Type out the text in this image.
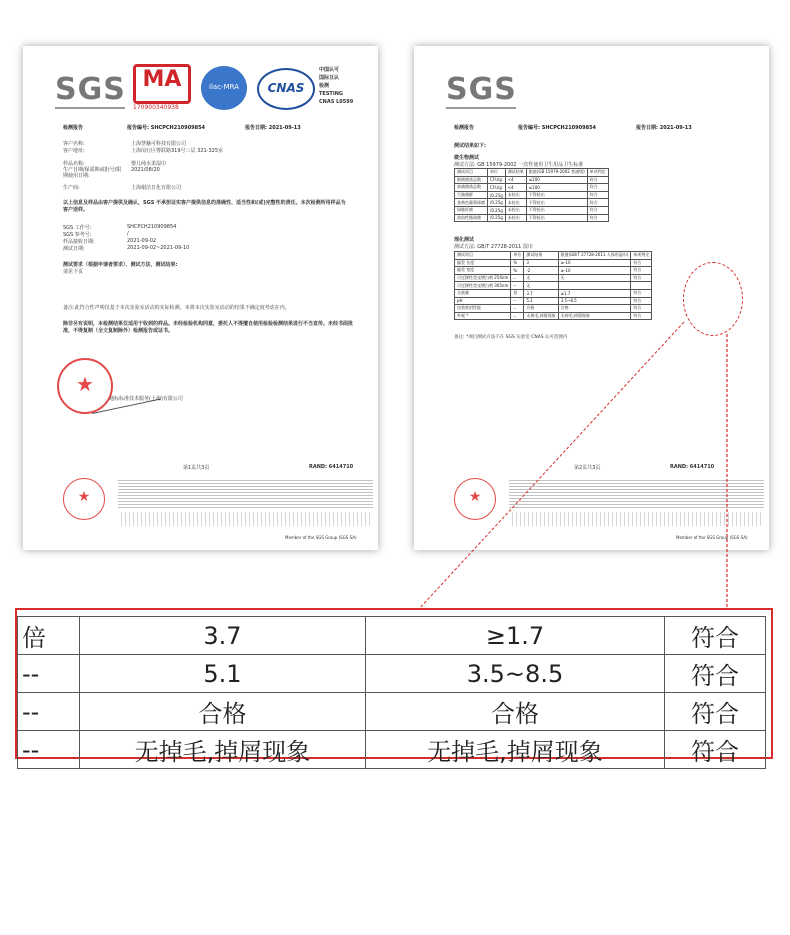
SGS MA
170900340938
ilac-MRA	CNAS
中国认可
国际互认
检测
TESTING
CNAS L0599
检测报告	报告编号: SHCPCH210909854	报告日期: 2021-09-13
客户名称:	上海慧魅可科技有限公司
客户地址:	上海闵行区曹联路319号三层 321-325室
样品名称:	婴儿纯水柔湿巾
生产日期/保质期或批号/限期使用日期:
2021/08/20
生产商:	上海谢洁日化有限公司
以上信息及样品由客户提供及确认，SGS 不承担证实客户提供信息的准确性、适当性和(或)完整性的责任。本次检测所用样品为客户送样。
SGS 工作号:	SHCPCH210909854
SGS 参考号:	/
样品接收日期:	2021-09-02
测试日期:	2021-09-02~2021-09-10
测试要求（根据申请者要求）、测试方法、测试结果:
请见下页
备注:此符合性声明仅基于本次实验室活动的实际检测，未将本次实验室活动的结果不确定度考虑在内。
除非另有说明，本检测结果仅适用于收到的样品。未经检验机构同意，委托人不得擅自使用检验检测结果进行不当宣传。未经书面批准，不得复制（全文复制除外）检测报告或证书。
★
通标标准技术服务(上海)有限公司
第1页共3页	RAND: 6414710
★
Member of the SGS Group (SGS SA)
SGS
检测报告	报告编号: SHCPCH210909854	报告日期: 2021-09-13
测试结果如下:
微生物测试
测试方法: GB 15979-2002 一次性使用卫生用品卫生标准
测试项目	单位	测试结果	限值(GB 15979-2002 普通级)	单项判定
细菌菌落总数	CFU/g	<4	≤200	符合
真菌菌落总数	CFU/g	<4	≤100	符合
大肠菌群	/0.25g	未检出	不得检出	符合
金黄色葡萄球菌	/0.25g	未检出	不得检出	符合
绿脓杆菌	/0.25g	未检出	不得检出	符合
溶血性链球菌	/0.25g	未检出	不得检出	符合
理化测试
测试方法: GB/T 27728-2011 湿巾
测试项目	单位	测试结果	限值(GB/T 27728-2011 人体用湿巾)	单项判定
偏差 长度	%	3	≥-10	符合
偏差 宽度	%	-2	≥-10	符合
可迁移性荧光增白剂 254nm	--	无	无	符合
可迁移性荧光增白剂 365nm	--	无		
含液量	倍	3.7	≥1.7	符合
pH	--	5.1	3.5~8.5	符合
包装密封性能	--	合格	合格	符合
外观 *	--	无掉毛,掉屑现象	无掉毛,掉屑现象	符合
备注: *项目测试方法不在 SGS 实验室 CNAS 认可范围内
第2页共3页	RAND: 6414710
★
Member of the SGS Group (SGS SA)
倍	3.7	≥1.7	符合
--	5.1	3.5~8.5	符合
--	合格	合格	符合
--	无掉毛,掉屑现象	无掉毛,掉屑现象	符合
